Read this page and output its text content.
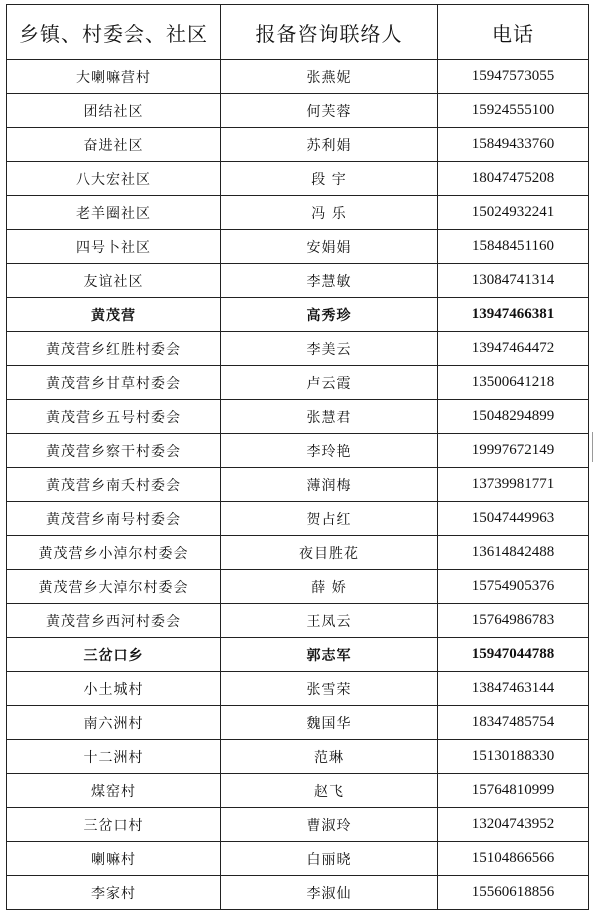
乡镇、村委会、社区	报备咨询联络人	电话
大喇嘛营村	张燕妮	15947573055
团结社区	何芙蓉	15924555100
奋进社区	苏利娟	15849433760
八大宏社区	段 宇	18047475208
老羊圈社区	冯 乐	15024932241
四号卜社区	安娟娟	15848451160
友谊社区	李慧敏	13084741314
黄茂营	高秀珍	13947466381
黄茂营乡红胜村委会	李美云	13947464472
黄茂营乡甘草村委会	卢云霞	13500641218
黄茂营乡五号村委会	张慧君	15048294899
黄茂营乡察干村委会	李玲艳	19997672149
黄茂营乡南夭村委会	薄润梅	13739981771
黄茂营乡南号村委会	贺占红	15047449963
黄茂营乡小淖尔村委会	夜目胜花	13614842488
黄茂营乡大淖尔村委会	薛 娇	15754905376
黄茂营乡西河村委会	王凤云	15764986783
三岔口乡	郭志军	15947044788
小土城村	张雪荣	13847463144
南六洲村	魏国华	18347485754
十二洲村	范琳	15130188330
煤窑村	赵飞	15764810999
三岔口村	曹淑玲	13204743952
喇嘛村	白丽晓	15104866566
李家村	李淑仙	15560618856
